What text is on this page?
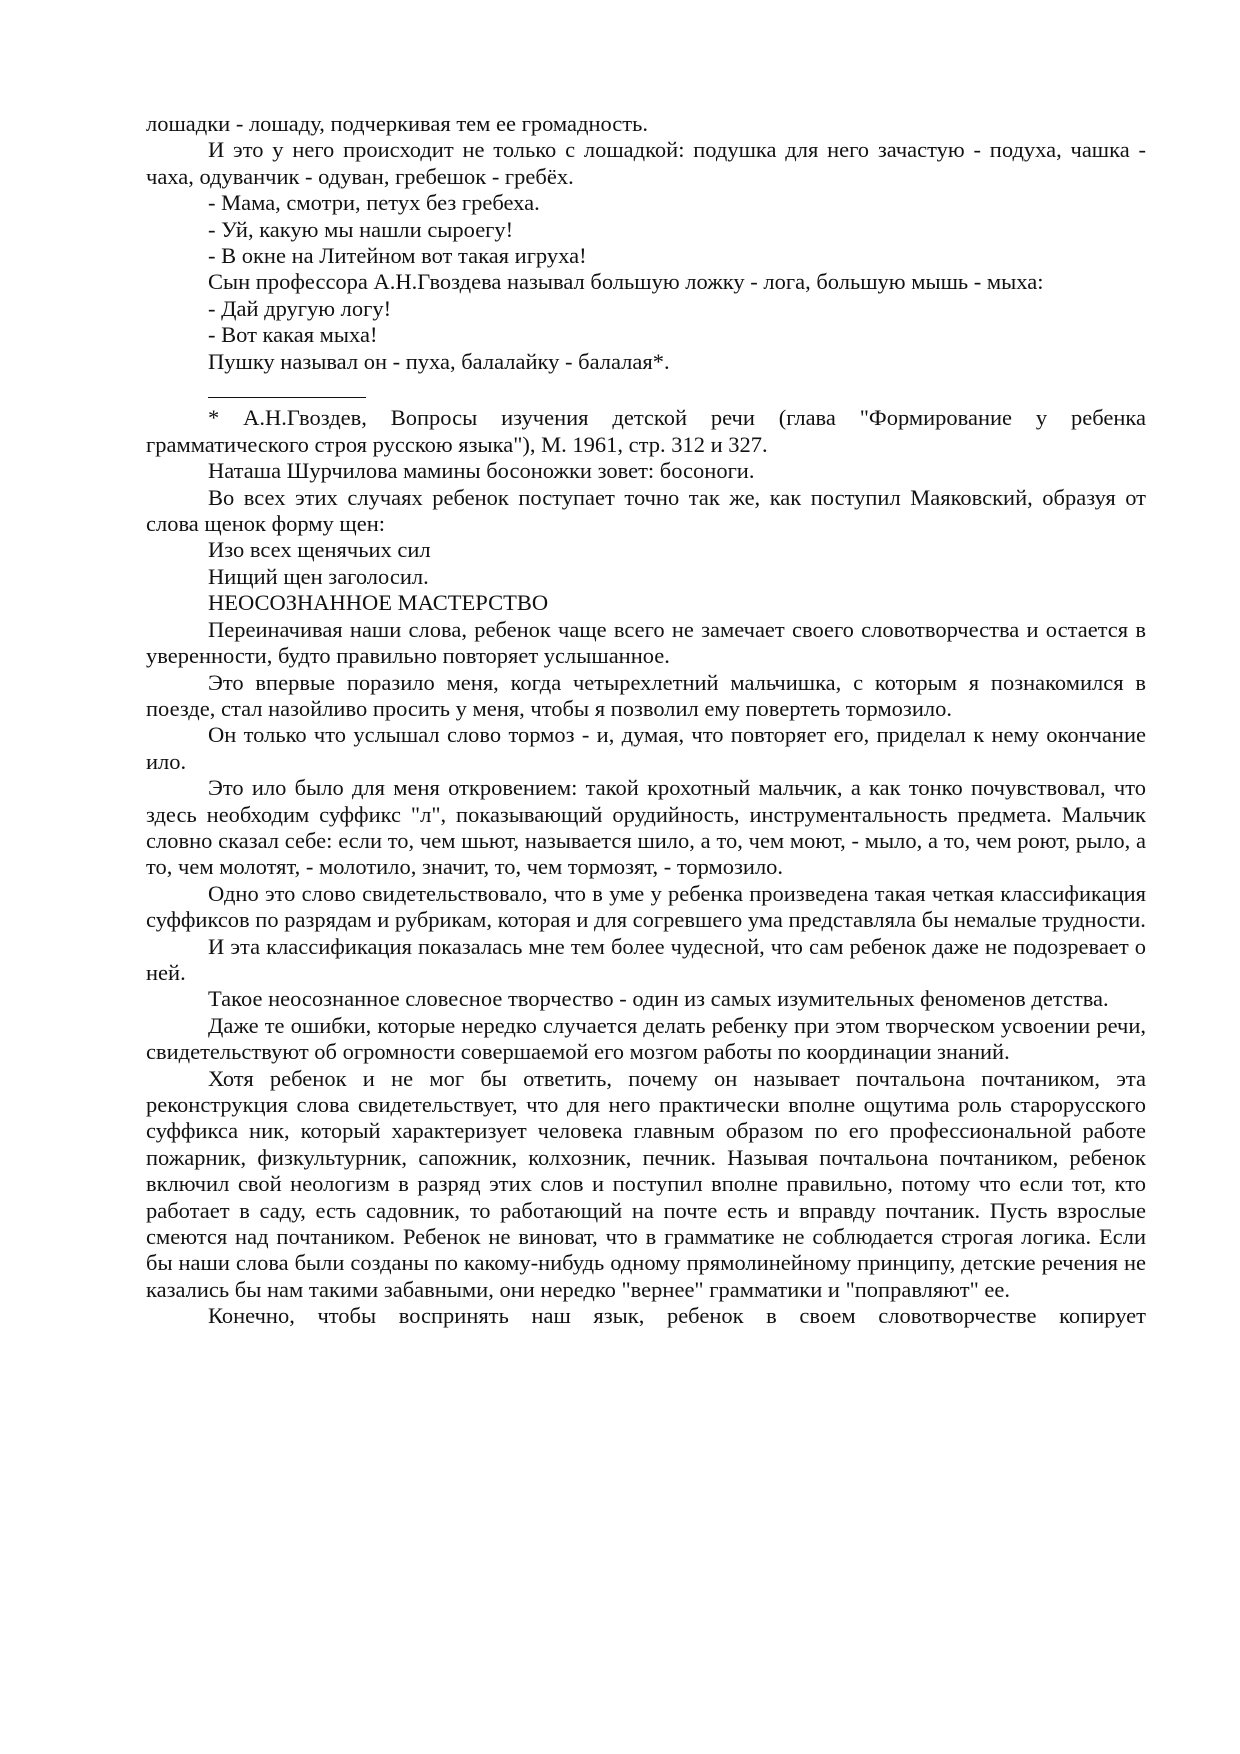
лошадки - лошаду, подчеркивая тем ее громадность.

И это у него происходит не только с лошадкой: подушка для него зачастую - подуха, чашка - чаха, одуванчик - одуван, гребешок - гребёх.

- Мама, смотри, петух без гребеха.

- Уй, какую мы нашли сыроегу!

- В окне на Литейном вот такая игруха!

Сын профессора А.Н.Гвоздева называл большую ложку - лога, большую мышь - мыха:

- Дай другую логу!

- Вот какая мыха!

Пушку называл он - пуха, балалайку - балалая*.

* А.Н.Гвоздев, Вопросы изучения детской речи (глава "Формирование у ребенка грамматического строя русскою языка"), М. 1961, стр. 312 и 327.

Наташа Шурчилова мамины босоножки зовет: босоноги.

Во всех этих случаях ребенок поступает точно так же, как поступил Маяковский, образуя от слова щенок форму щен:

Изо всех щенячьих сил

Нищий щен заголосил.

НЕОСОЗНАННОЕ МАСТЕРСТВО

Переиначивая наши слова, ребенок чаще всего не замечает своего словотворчества и остается в уверенности, будто правильно повторяет услышанное.

Это впервые поразило меня, когда четырехлетний мальчишка, с которым я познакомился в поезде, стал назойливо просить у меня, чтобы я позволил ему повертеть тормозило.

Он только что услышал слово тормоз - и, думая, что повторяет его, приделал к нему окончание ило.

Это ило было для меня откровением: такой крохотный мальчик, а как тонко почувствовал, что здесь необходим суффикс "л", показывающий орудийность, инструментальность предмета. Мальчик словно сказал себе: если то, чем шьют, называется шило, а то, чем моют, - мыло, а то, чем роют, рыло, а то, чем молотят, - молотило, значит, то, чем тормозят, - тормозило.

Одно это слово свидетельствовало, что в уме у ребенка произведена такая четкая классификация суффиксов по разрядам и рубрикам, которая и для согревшего ума представляла бы немалые трудности.

И эта классификация показалась мне тем более чудесной, что сам ребенок даже не подозревает о ней.

Такое неосознанное словесное творчество - один из самых изумительных феноменов детства.

Даже те ошибки, которые нередко случается делать ребенку при этом творческом усвоении речи, свидетельствуют об огромности совершаемой его мозгом работы по координации знаний.

Хотя ребенок и не мог бы ответить, почему он называет почтальона почтаником, эта реконструкция слова свидетельствует, что для него практически вполне ощутима роль старорусского суффикса ник, который характеризует человека главным образом по его профессиональной работе пожарник, физкультурник, сапожник, колхозник, печник. Называя почтальона почтаником, ребенок включил свой неологизм в разряд этих слов и поступил вполне правильно, потому что если тот, кто работает в саду, есть садовник, то работающий на почте есть и вправду почтаник. Пусть взрослые смеются над почтаником. Ребенок не виноват, что в грамматике не соблюдается строгая логика. Если бы наши слова были созданы по какому-нибудь одному прямолинейному принципу, детские речения не казались бы нам такими забавными, они нередко "вернее" грамматики и "поправляют" ее.

Конечно, чтобы воспринять наш язык, ребенок в своем словотворчестве копирует
